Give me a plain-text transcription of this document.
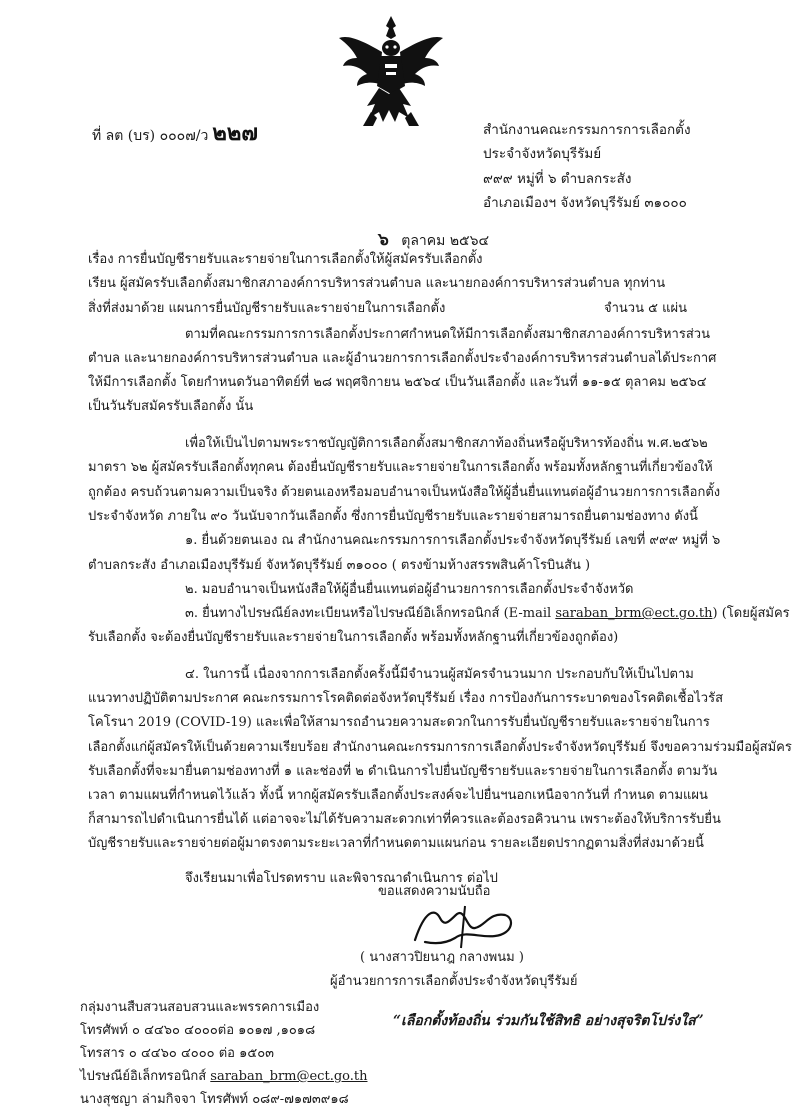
ที่ ลต (บร) ๐๐๐๗/ว ๒๒๗	สำนักงานคณะกรรมการการเลือกตั้ง
ประจำจังหวัดบุรีรัมย์
๙๙๙ หมู่ที่ ๖ ตำบลกระสัง
อำเภอเมืองฯ จังหวัดบุรีรัมย์ ๓๑๐๐๐
๖ ตุลาคม ๒๕๖๔
เรื่อง การยื่นบัญชีรายรับและรายจ่ายในการเลือกตั้งให้ผู้สมัครรับเลือกตั้ง
เรียน ผู้สมัครรับเลือกตั้งสมาชิกสภาองค์การบริหารส่วนตำบล และนายกองค์การบริหารส่วนตำบล ทุกท่าน
สิ่งที่ส่งมาด้วย แผนการยื่นบัญชีรายรับและรายจ่ายในการเลือกตั้ง	จำนวน ๕ แผ่น
ตามที่คณะกรรมการการเลือกตั้งประกาศกำหนดให้มีการเลือกตั้งสมาชิกสภาองค์การบริหารส่วน
ตำบล และนายกองค์การบริหารส่วนตำบล และผู้อำนวยการการเลือกตั้งประจำองค์การบริหารส่วนตำบลได้ประกาศ
ให้มีการเลือกตั้ง โดยกำหนดวันอาทิตย์ที่ ๒๘ พฤศจิกายน ๒๕๖๔ เป็นวันเลือกตั้ง และวันที่ ๑๑-๑๕ ตุลาคม ๒๕๖๔
เป็นวันรับสมัครรับเลือกตั้ง นั้น
เพื่อให้เป็นไปตามพระราชบัญญัติการเลือกตั้งสมาชิกสภาท้องถิ่นหรือผู้บริหารท้องถิ่น พ.ศ.๒๕๖๒
มาตรา ๖๒ ผู้สมัครรับเลือกตั้งทุกคน ต้องยื่นบัญชีรายรับและรายจ่ายในการเลือกตั้ง พร้อมทั้งหลักฐานที่เกี่ยวข้องให้
ถูกต้อง ครบถ้วนตามความเป็นจริง ด้วยตนเองหรือมอบอำนาจเป็นหนังสือให้ผู้อื่นยื่นแทนต่อผู้อำนวยการการเลือกตั้ง
ประจำจังหวัด ภายใน ๙๐ วันนับจากวันเลือกตั้ง ซึ่งการยื่นบัญชีรายรับและรายจ่ายสามารถยื่นตามช่องทาง ดังนี้
๑. ยื่นด้วยตนเอง ณ สำนักงานคณะกรรมการการเลือกตั้งประจำจังหวัดบุรีรัมย์ เลขที่ ๙๙๙ หมู่ที่ ๖
ตำบลกระสัง อำเภอเมืองบุรีรัมย์ จังหวัดบุรีรัมย์ ๓๑๐๐๐ ( ตรงข้ามห้างสรรพสินค้าโรบินสัน )
๒. มอบอำนาจเป็นหนังสือให้ผู้อื่นยื่นแทนต่อผู้อำนวยการการเลือกตั้งประจำจังหวัด
๓. ยื่นทางไปรษณีย์ลงทะเบียนหรือไปรษณีย์อิเล็กทรอนิกส์ (E-mail saraban_brm@ect.go.th) (โดยผู้สมัคร
รับเลือกตั้ง จะต้องยื่นบัญชีรายรับและรายจ่ายในการเลือกตั้ง พร้อมทั้งหลักฐานที่เกี่ยวข้องถูกต้อง)
๔. ในการนี้ เนื่องจากการเลือกตั้งครั้งนี้มีจำนวนผู้สมัครจำนวนมาก ประกอบกับให้เป็นไปตาม
แนวทางปฏิบัติตามประกาศ คณะกรรมการโรคติดต่อจังหวัดบุรีรัมย์ เรื่อง การป้องกันการระบาดของโรคติดเชื้อไวรัส
โคโรนา 2019 (COVID-19) และเพื่อให้สามารถอำนวยความสะดวกในการรับยื่นบัญชีรายรับและรายจ่ายในการ
เลือกตั้งแก่ผู้สมัครให้เป็นด้วยความเรียบร้อย สำนักงานคณะกรรมการการเลือกตั้งประจำจังหวัดบุรีรัมย์ จึงขอความร่วมมือผู้สมัคร
รับเลือกตั้งที่จะมายื่นตามช่องทางที่ ๑ และช่องที่ ๒ ดำเนินการไปยื่นบัญชีรายรับและรายจ่ายในการเลือกตั้ง ตามวัน
เวลา ตามแผนที่กำหนดไว้แล้ว ทั้งนี้ หากผู้สมัครรับเลือกตั้งประสงค์จะไปยื่นฯนอกเหนือจากวันที่ กำหนด ตามแผน
ก็สามารถไปดำเนินการยื่นได้ แต่อาจจะไม่ได้รับความสะดวกเท่าที่ควรและต้องรอคิวนาน เพราะต้องให้บริการรับยื่น
บัญชีรายรับและรายจ่ายต่อผู้มาตรงตามระยะเวลาที่กำหนดตามแผนก่อน รายละเอียดปรากฏตามสิ่งที่ส่งมาด้วยนี้
จึงเรียนมาเพื่อโปรดทราบ และพิจารณาดำเนินการ ต่อไป
ขอแสดงความนับถือ
( นางสาวปิยนาฎ กลางพนม )
ผู้อำนวยการการเลือกตั้งประจำจังหวัดบุรีรัมย์
กลุ่มงานสืบสวนสอบสวนและพรรคการเมือง
โทรศัพท์ ๐ ๔๔๖๐ ๔๐๐๐ต่อ ๑๐๑๗ ,๑๐๑๘
โทรสาร ๐ ๔๔๖๐ ๔๐๐๐ ต่อ ๑๕๐๓
ไปรษณีย์อิเล็กทรอนิกส์ saraban_brm@ect.go.th
นางสุชญา ล่ามกิจจา โทรศัพท์ ๐๘๙-๗๑๗๓๙๑๘
“เลือกตั้งท้องถิ่น ร่วมกันใช้สิทธิ อย่างสุจริตโปร่งใส”
